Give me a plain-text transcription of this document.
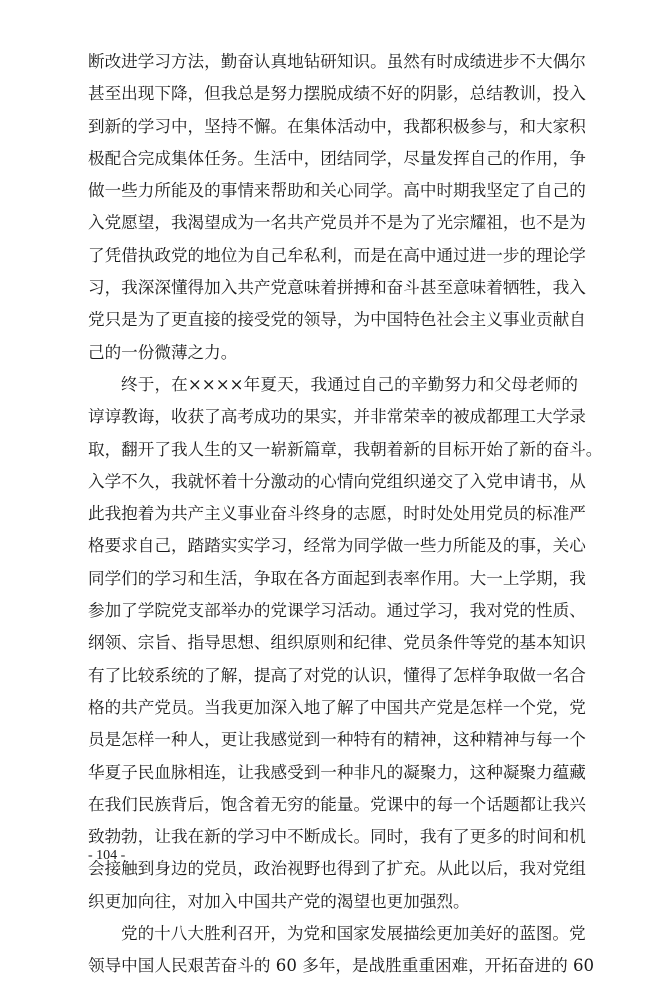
断改进学习方法，勤奋认真地钻研知识。虽然有时成绩进步不大偶尔
甚至出现下降，但我总是努力摆脱成绩不好的阴影，总结教训，投入
到新的学习中，坚持不懈。在集体活动中，我都积极参与，和大家积
极配合完成集体任务。生活中，团结同学，尽量发挥自己的作用，争
做一些力所能及的事情来帮助和关心同学。高中时期我坚定了自己的
入党愿望，我渴望成为一名共产党员并不是为了光宗耀祖，也不是为
了凭借执政党的地位为自己牟私利，而是在高中通过进一步的理论学
习，我深深懂得加入共产党意味着拼搏和奋斗甚至意味着牺牲，我入
党只是为了更直接的接受党的领导，为中国特色社会主义事业贡献自
己的一份微薄之力。
终于，在××××年夏天，我通过自己的辛勤努力和父母老师的
谆谆教诲，收获了高考成功的果实，并非常荣幸的被成都理工大学录
取，翻开了我人生的又一崭新篇章，我朝着新的目标开始了新的奋斗。
入学不久，我就怀着十分激动的心情向党组织递交了入党申请书，从
此我抱着为共产主义事业奋斗终身的志愿，时时处处用党员的标准严
格要求自己，踏踏实实学习，经常为同学做一些力所能及的事，关心
同学们的学习和生活，争取在各方面起到表率作用。大一上学期，我
参加了学院党支部举办的党课学习活动。通过学习，我对党的性质、
纲领、宗旨、指导思想、组织原则和纪律、党员条件等党的基本知识
有了比较系统的了解，提高了对党的认识，懂得了怎样争取做一名合
格的共产党员。当我更加深入地了解了中国共产党是怎样一个党，党
员是怎样一种人，更让我感觉到一种特有的精神，这种精神与每一个
华夏子民血脉相连，让我感受到一种非凡的凝聚力，这种凝聚力蕴藏
在我们民族背后，饱含着无穷的能量。党课中的每一个话题都让我兴
致勃勃，让我在新的学习中不断成长。同时，我有了更多的时间和机
会接触到身边的党员，政治视野也得到了扩充。从此以后，我对党组
织更加向往，对加入中国共产党的渴望也更加强烈。
党的十八大胜利召开，为党和国家发展描绘更加美好的蓝图。党
领导中国人民艰苦奋斗的 60 多年，是战胜重重困难，开拓奋进的 60
- 104 -
